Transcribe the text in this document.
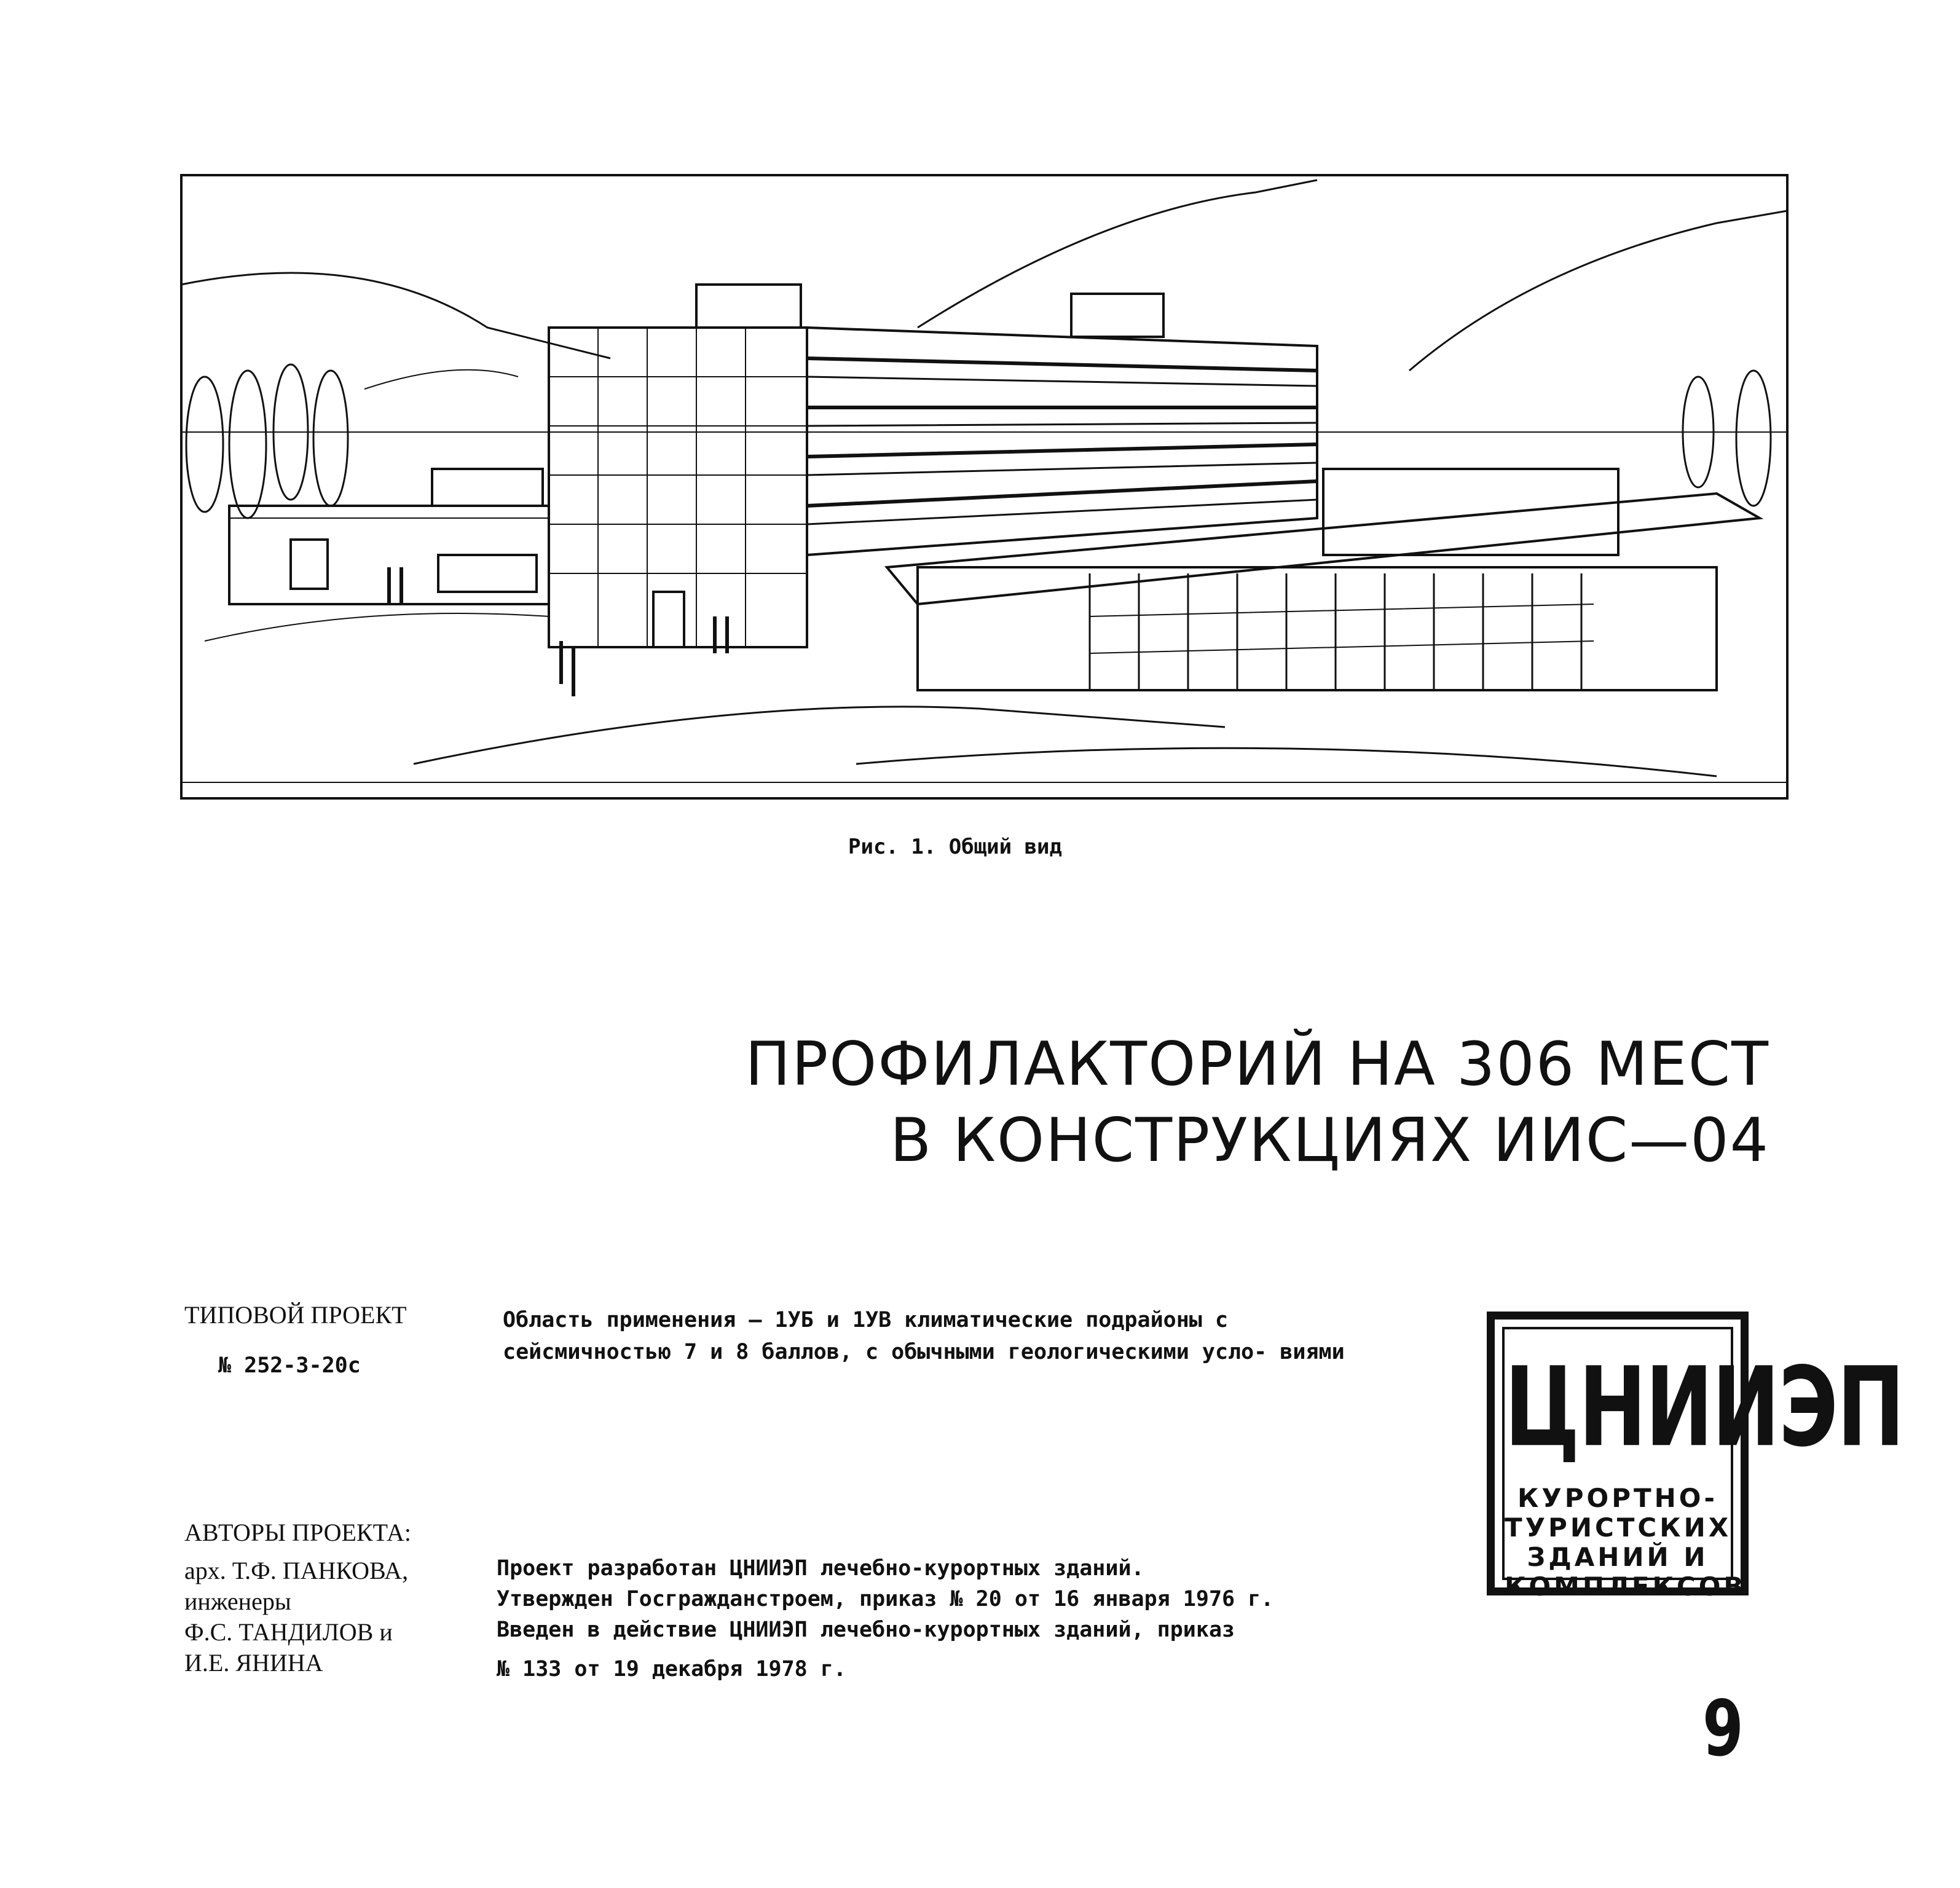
Рис. 1. Общий вид
ПРОФИЛАКТОРИЙ НА 306 МЕСТ
В КОНСТРУКЦИЯХ ИИС—04
ТИПОВОЙ ПРОЕКТ
№ 252-3-20с
Область применения – 1УБ и 1УВ климатические подрайоны с сейсмичностью 7 и 8 баллов, с обычными геологическими усло- виями
АВТОРЫ ПРОЕКТА:
арх. Т.Ф. ПАНКОВА,
инженеры
Ф.С. ТАНДИЛОВ и
И.Е. ЯНИНА
Проект разработан ЦНИИЭП лечебно-курортных зданий.
Утвержден Госгражданстроем, приказ № 20 от 16 января 1976 г.
Введен в действие ЦНИИЭП лечебно-курортных зданий, приказ
№ 133 от 19 декабря 1978 г.
ЦНИИЭП
КУРОРТНО-
ТУРИСТСКИХ
ЗДАНИЙ И
КОМПЛЕКСОВ
9
